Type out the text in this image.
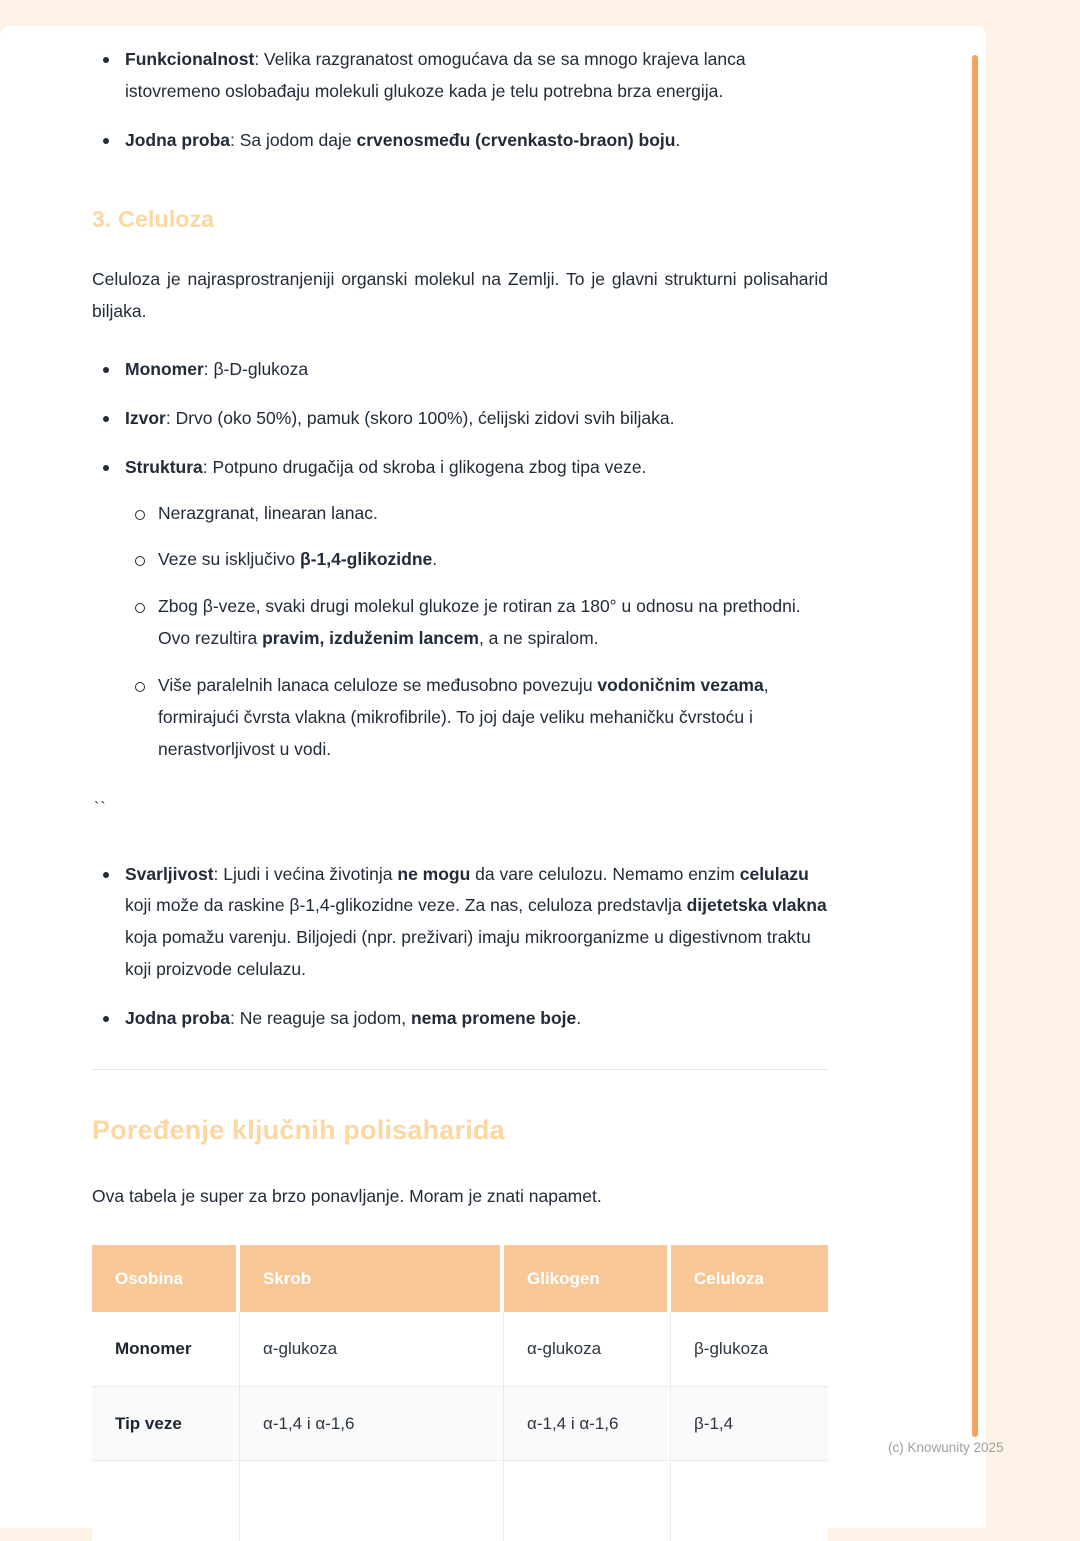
Funkcionalnost: Velika razgranatost omogućava da se sa mnogo krajeva lanca istovremeno oslobađaju molekuli glukoze kada je telu potrebna brza energija.
Jodna proba: Sa jodom daje crvenosmeđu (crvenkasto-braon) boju.
3. Celuloza

Celuloza je najrasprostranjeniji organski molekul na Zemlji. To je glavni strukturni polisaharid biljaka.

Monomer: β-D-glukoza
Izvor: Drvo (oko 50%), pamuk (skoro 100%), ćelijski zidovi svih biljaka.
Struktura: Potpuno drugačija od skroba i glikogena zbog tipa veze.
Nerazgranat, linearan lanac.
Veze su isključivo β-1,4-glikozidne.
Zbog β-veze, svaki drugi molekul glukoze je rotiran za 180° u odnosu na prethodni. Ovo rezultira pravim, izduženim lancem, a ne spiralom.
Više paralelnih lanaca celuloze se međusobno povezuju vodoničnim vezama, formirajući čvrsta vlakna (mikrofibrile). To joj daje veliku mehaničku čvrstoću i nerastvorljivost u vodi.
``
Svarljivost: Ljudi i većina životinja ne mogu da vare celulozu. Nemamo enzim celulazu koji može da raskine β-1,4-glikozidne veze. Za nas, celuloza predstavlja dijetetska vlakna koja pomažu varenju. Biljojedi (npr. preživari) imaju mikroorganizme u digestivnom traktu koji proizvode celulazu.
Jodna proba: Ne reaguje sa jodom, nema promene boje.
Poređenje ključnih polisaharida

Ova tabela je super za brzo ponavljanje. Moram je znati napamet.

Osobina	Skrob	Glikogen	Celuloza
Monomer	α-glukoza	α-glukoza	β-glukoza
Tip veze	α-1,4 i α-1,6	α-1,4 i α-1,6	β-1,4
(c) Knowunity 2025
